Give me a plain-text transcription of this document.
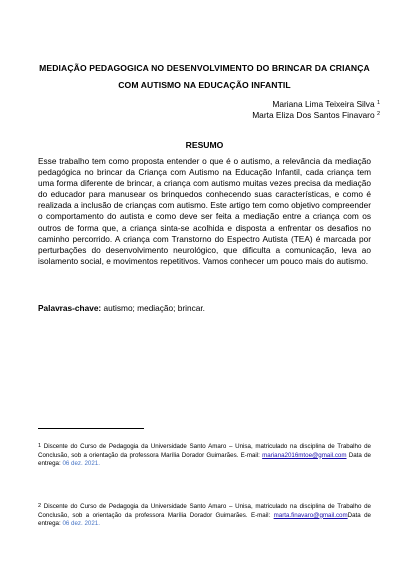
MEDIAÇÃO PEDAGOGICA NO DESENVOLVIMENTO DO BRINCAR DA CRIANÇA
COM AUTISMO NA EDUCAÇÃO INFANTIL
Mariana Lima Teixeira Silva $^1$
Marta Eliza Dos Santos Finavaro $^2$
RESUMO
Esse trabalho tem como proposta entender o que é o autismo, a relevância da mediação pedagógica no brincar da Criança com Autismo na Educação Infantil, cada criança tem uma forma diferente de brincar, a criança com autismo muitas vezes precisa da mediação do educador para manusear os brinquedos conhecendo suas características, e como é realizada a inclusão de crianças com autismo. Este artigo tem como objetivo compreender o comportamento do autista e como deve ser feita a mediação entre a criança com os outros de forma que, a criança sinta-se acolhida e disposta a enfrentar os desafios no caminho percorrido. A criança com Transtorno do Espectro Autista (TEA) é marcada por perturbações do desenvolvimento neurológico, que dificulta a comunicação, leva ao isolamento social, e movimentos repetitivos. Vamos conhecer um pouco mais do autismo.
Palavras-chave: autismo; mediação; brincar.
$^1$ Discente do Curso de Pedagogia da Universidade Santo Amaro – Unisa, matriculado na disciplina de Trabalho de Conclusão, sob a orientação da professora Marília Dorador Guimarães. E-mail: mariana2016mtoe@gmail.com Data de entrega: 06 dez. 2021.
$^2$ Discente do Curso de Pedagogia da Universidade Santo Amaro – Unisa, matriculado na disciplina de Trabalho de Conclusão, sob a orientação da professora Marília Dorador Guimarães. E-mail: marta.finavaro@gmail.comData de entrega: 06 dez. 2021.
